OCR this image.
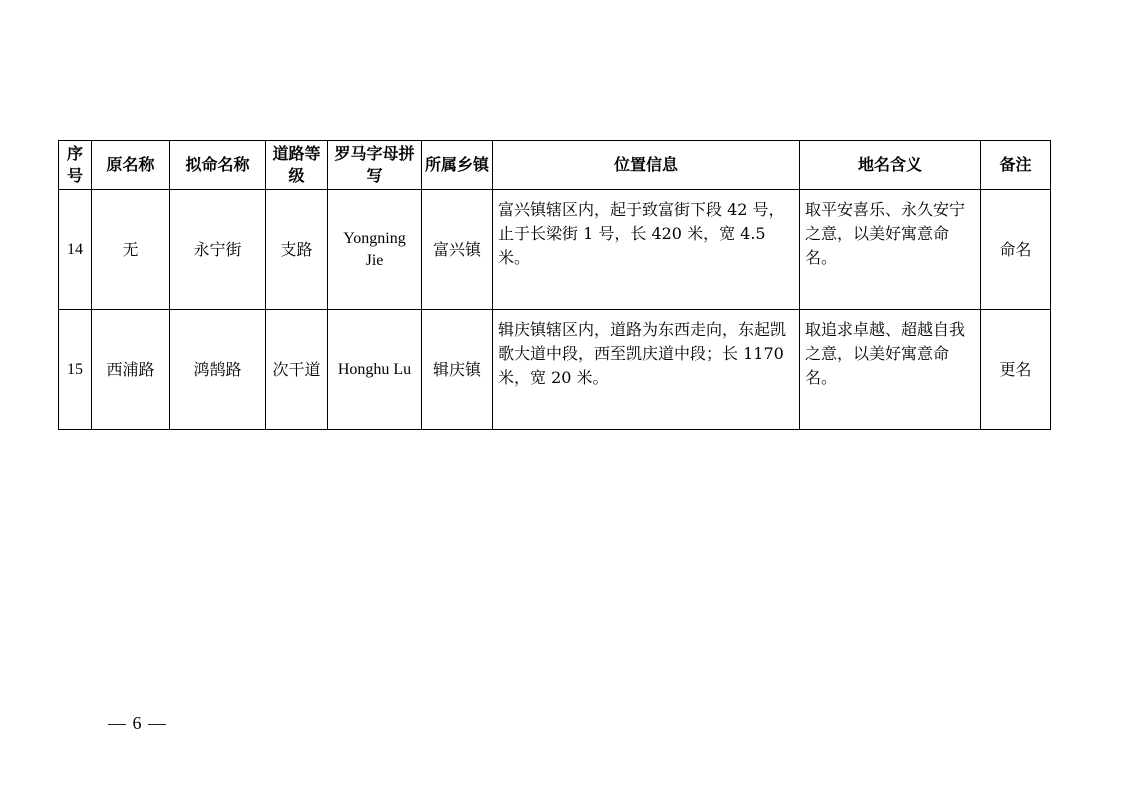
序号	原名称	拟命名称	道路等级	罗马字母拼写	所属乡镇	位置信息	地名含义	备注
14	无	永宁街	支路	Yongning Jie	富兴镇	富兴镇辖区内，起于致富街下段 42 号，止于长梁街 1 号，长 420 米，宽 4.5 米。	取平安喜乐、永久安宁之意，以美好寓意命名。	命名
15	西浦路	鸿鹄路	次干道	Honghu Lu	辑庆镇	辑庆镇辖区内，道路为东西走向，东起凯歌大道中段，西至凯庆道中段；长 1170 米，宽 20 米。	取追求卓越、超越自我之意，以美好寓意命名。	更名
— 6 —
